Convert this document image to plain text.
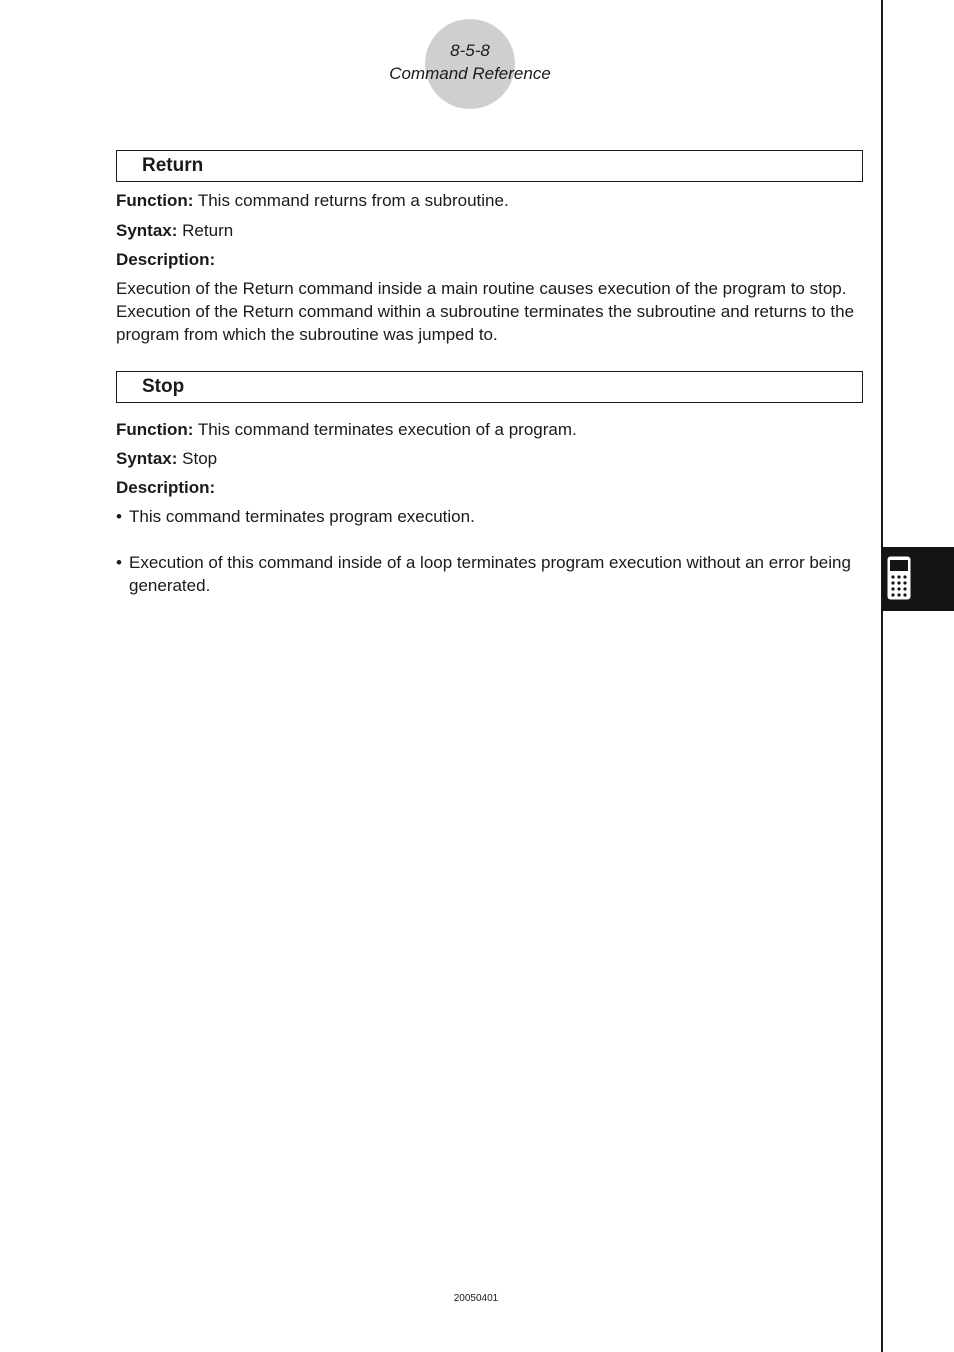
8-5-8
Command Reference
Return

Function: This command returns from a subroutine.

Syntax: Return

Description:

Execution of the Return command inside a main routine causes execution of the program to stop. Execution of the Return command within a subroutine terminates the subroutine and returns to the program from which the subroutine was jumped to.

Stop

Function: This command terminates execution of a program.

Syntax: Stop

Description:

• This command terminates program execution.
• Execution of this command inside of a loop terminates program execution without an error being generated.
20050401
